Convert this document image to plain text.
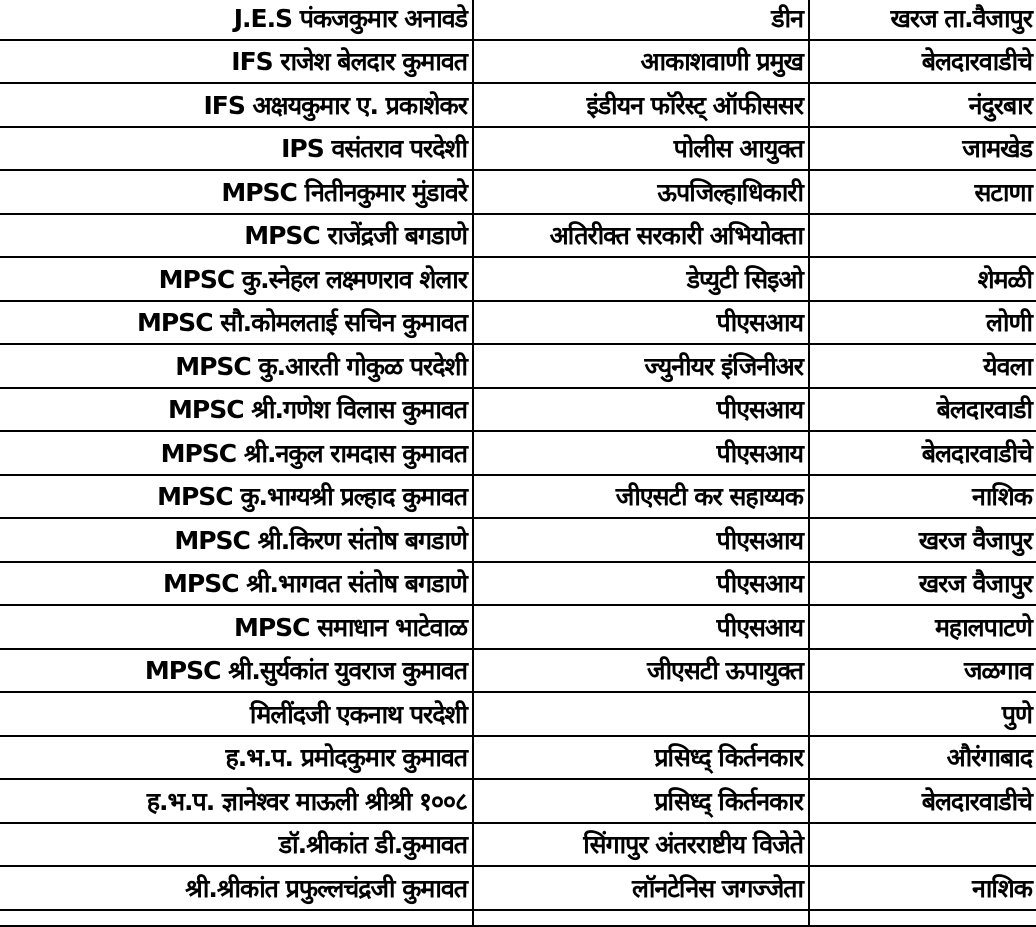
J.E.S पंकजकुमार अनावडे	डीन	खरज ता.वैजापुर
IFS राजेश बेलदार कुमावत	आकाशवाणी प्रमुख	बेलदारवाडीचे
IFS अक्षयकुमार ए. प्रकाशेकर	इंडीयन फॉरेस्ट् ऑफीससर	नंदुरबार
IPS वसंतराव परदेशी	पोलीस आयुक्त	जामखेड
MPSC नितीनकुमार मुंडावरे	ऊपजिल्हाधिकारी	सटाणा
MPSC राजेंद्रजी बगडाणे	अतिरीक्त सरकारी अभियोक्ता	
MPSC कु.स्नेहल लक्ष्मणराव शेलार	डेप्युटी सिइओ	शेमळी
MPSC सौ.कोमलताई सचिन कुमावत	पीएसआय	लोणी
MPSC कु.आरती गोकुळ परदेशी	ज्युनीयर इंजिनीअर	येवला
MPSC श्री.गणेश विलास कुमावत	पीएसआय	बेलदारवाडी
MPSC श्री.नकुल रामदास कुमावत	पीएसआय	बेलदारवाडीचे
MPSC कु.भाग्यश्री प्रल्हाद कुमावत	जीएसटी कर सहाय्यक	नाशिक
MPSC श्री.किरण संतोष बगडाणे	पीएसआय	खरज वैजापुर
MPSC श्री.भागवत संतोष बगडाणे	पीएसआय	खरज वैजापुर
MPSC समाधान भाटेवाळ	पीएसआय	महालपाटणे
MPSC श्री.सुर्यकांत युवराज कुमावत	जीएसटी ऊपायुक्त	जळगाव
मिलींदजी एकनाथ परदेशी		पुणे
ह.भ.प. प्रमोदकुमार कुमावत	प्रसिध्द् किर्तनकार	औरंगाबाद
ह.भ.प. ज्ञानेश्वर माऊली श्रीश्री १००८	प्रसिध्द् किर्तनकार	बेलदारवाडीचे
डॉ.श्रीकांत डी.कुमावत	सिंगापुर अंतरराष्टीय विजेते	
श्री.श्रीकांत प्रफुल्लचंद्रजी कुमावत	लॉनटेनिस जगज्जेता	नाशिक
